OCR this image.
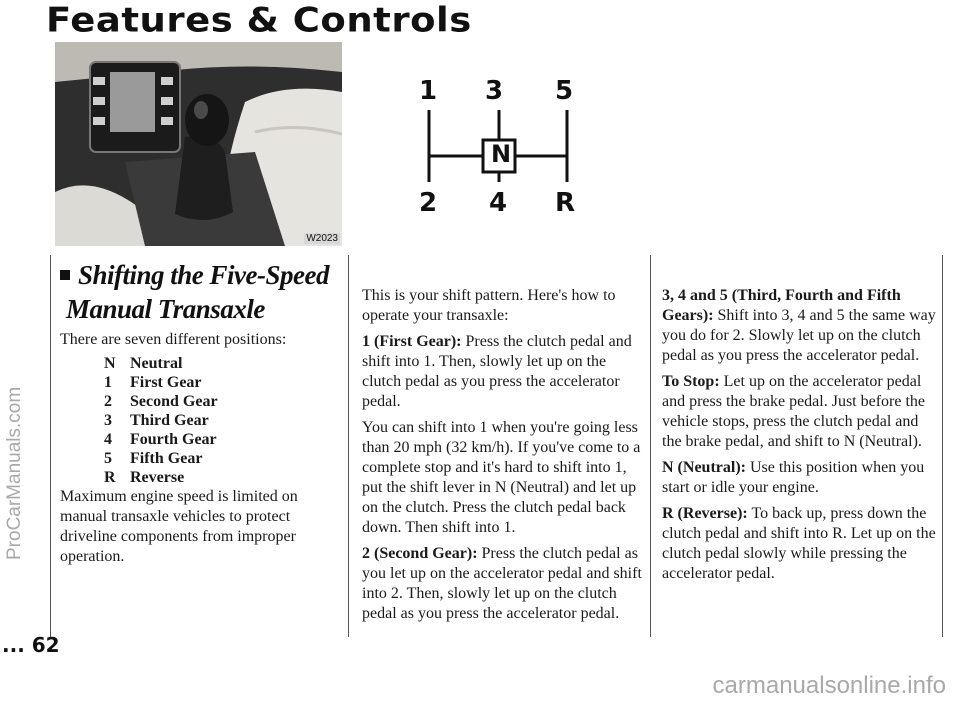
Features & Controls
ProCarManuals.com
carmanualsonline.info
W2023
1 3 5
N
2 4 R
Shifting the Five-Speed
Manual Transaxle

There are seven different positions:

N Neutral
1 First Gear
2 Second Gear
3 Third Gear
4 Fourth Gear
5 Fifth Gear
R Reverse

Maximum engine speed is limited on manual transaxle vehicles to protect driveline components from improper operation.

This is your shift pattern. Here's how to operate your transaxle:

1 (First Gear): Press the clutch pedal and shift into 1. Then, slowly let up on the clutch pedal as you press the accelerator pedal.

You can shift into 1 when you're going less than 20 mph (32 km/h). If you've come to a complete stop and it's hard to shift into 1, put the shift lever in N (Neutral) and let up on the clutch. Press the clutch pedal back down. Then shift into 1.

2 (Second Gear): Press the clutch pedal as you let up on the accelerator pedal and shift into 2. Then, slowly let up on the clutch pedal as you press the accelerator pedal.

3, 4 and 5 (Third, Fourth and Fifth Gears): Shift into 3, 4 and 5 the same way you do for 2. Slowly let up on the clutch pedal as you press the accelerator pedal.

To Stop: Let up on the accelerator pedal and press the brake pedal. Just before the vehicle stops, press the clutch pedal and the brake pedal, and shift to N (Neutral).

N (Neutral): Use this position when you start or idle your engine.

R (Reverse): To back up, press down the clutch pedal and shift into R. Let up on the clutch pedal slowly while pressing the accelerator pedal.

... 62
